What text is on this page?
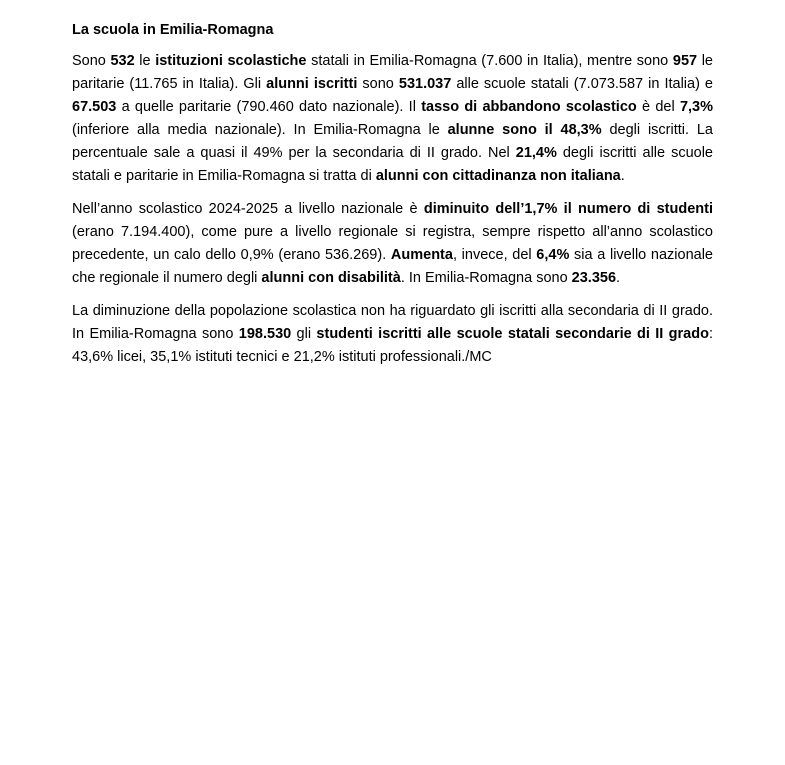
La scuola in Emilia-Romagna

Sono 532 le istituzioni scolastiche statali in Emilia-Romagna (7.600 in Italia), mentre sono 957 le paritarie (11.765 in Italia). Gli alunni iscritti sono 531.037 alle scuole statali (7.073.587 in Italia) e 67.503 a quelle paritarie (790.460 dato nazionale). Il tasso di abbandono scolastico è del 7,3% (inferiore alla media nazionale). In Emilia-Romagna le alunne sono il 48,3% degli iscritti. La percentuale sale a quasi il 49% per la secondaria di II grado. Nel 21,4% degli iscritti alle scuole statali e paritarie in Emilia-Romagna si tratta di alunni con cittadinanza non italiana.

Nell’anno scolastico 2024-2025 a livello nazionale è diminuito dell’1,7% il numero di studenti (erano 7.194.400), come pure a livello regionale si registra, sempre rispetto all’anno scolastico precedente, un calo dello 0,9% (erano 536.269). Aumenta, invece, del 6,4% sia a livello nazionale che regionale il numero degli alunni con disabilità. In Emilia-Romagna sono 23.356.

La diminuzione della popolazione scolastica non ha riguardato gli iscritti alla secondaria di II grado. In Emilia-Romagna sono 198.530 gli studenti iscritti alle scuole statali secondarie di II grado: 43,6% licei, 35,1% istituti tecnici e 21,2% istituti professionali./MC
